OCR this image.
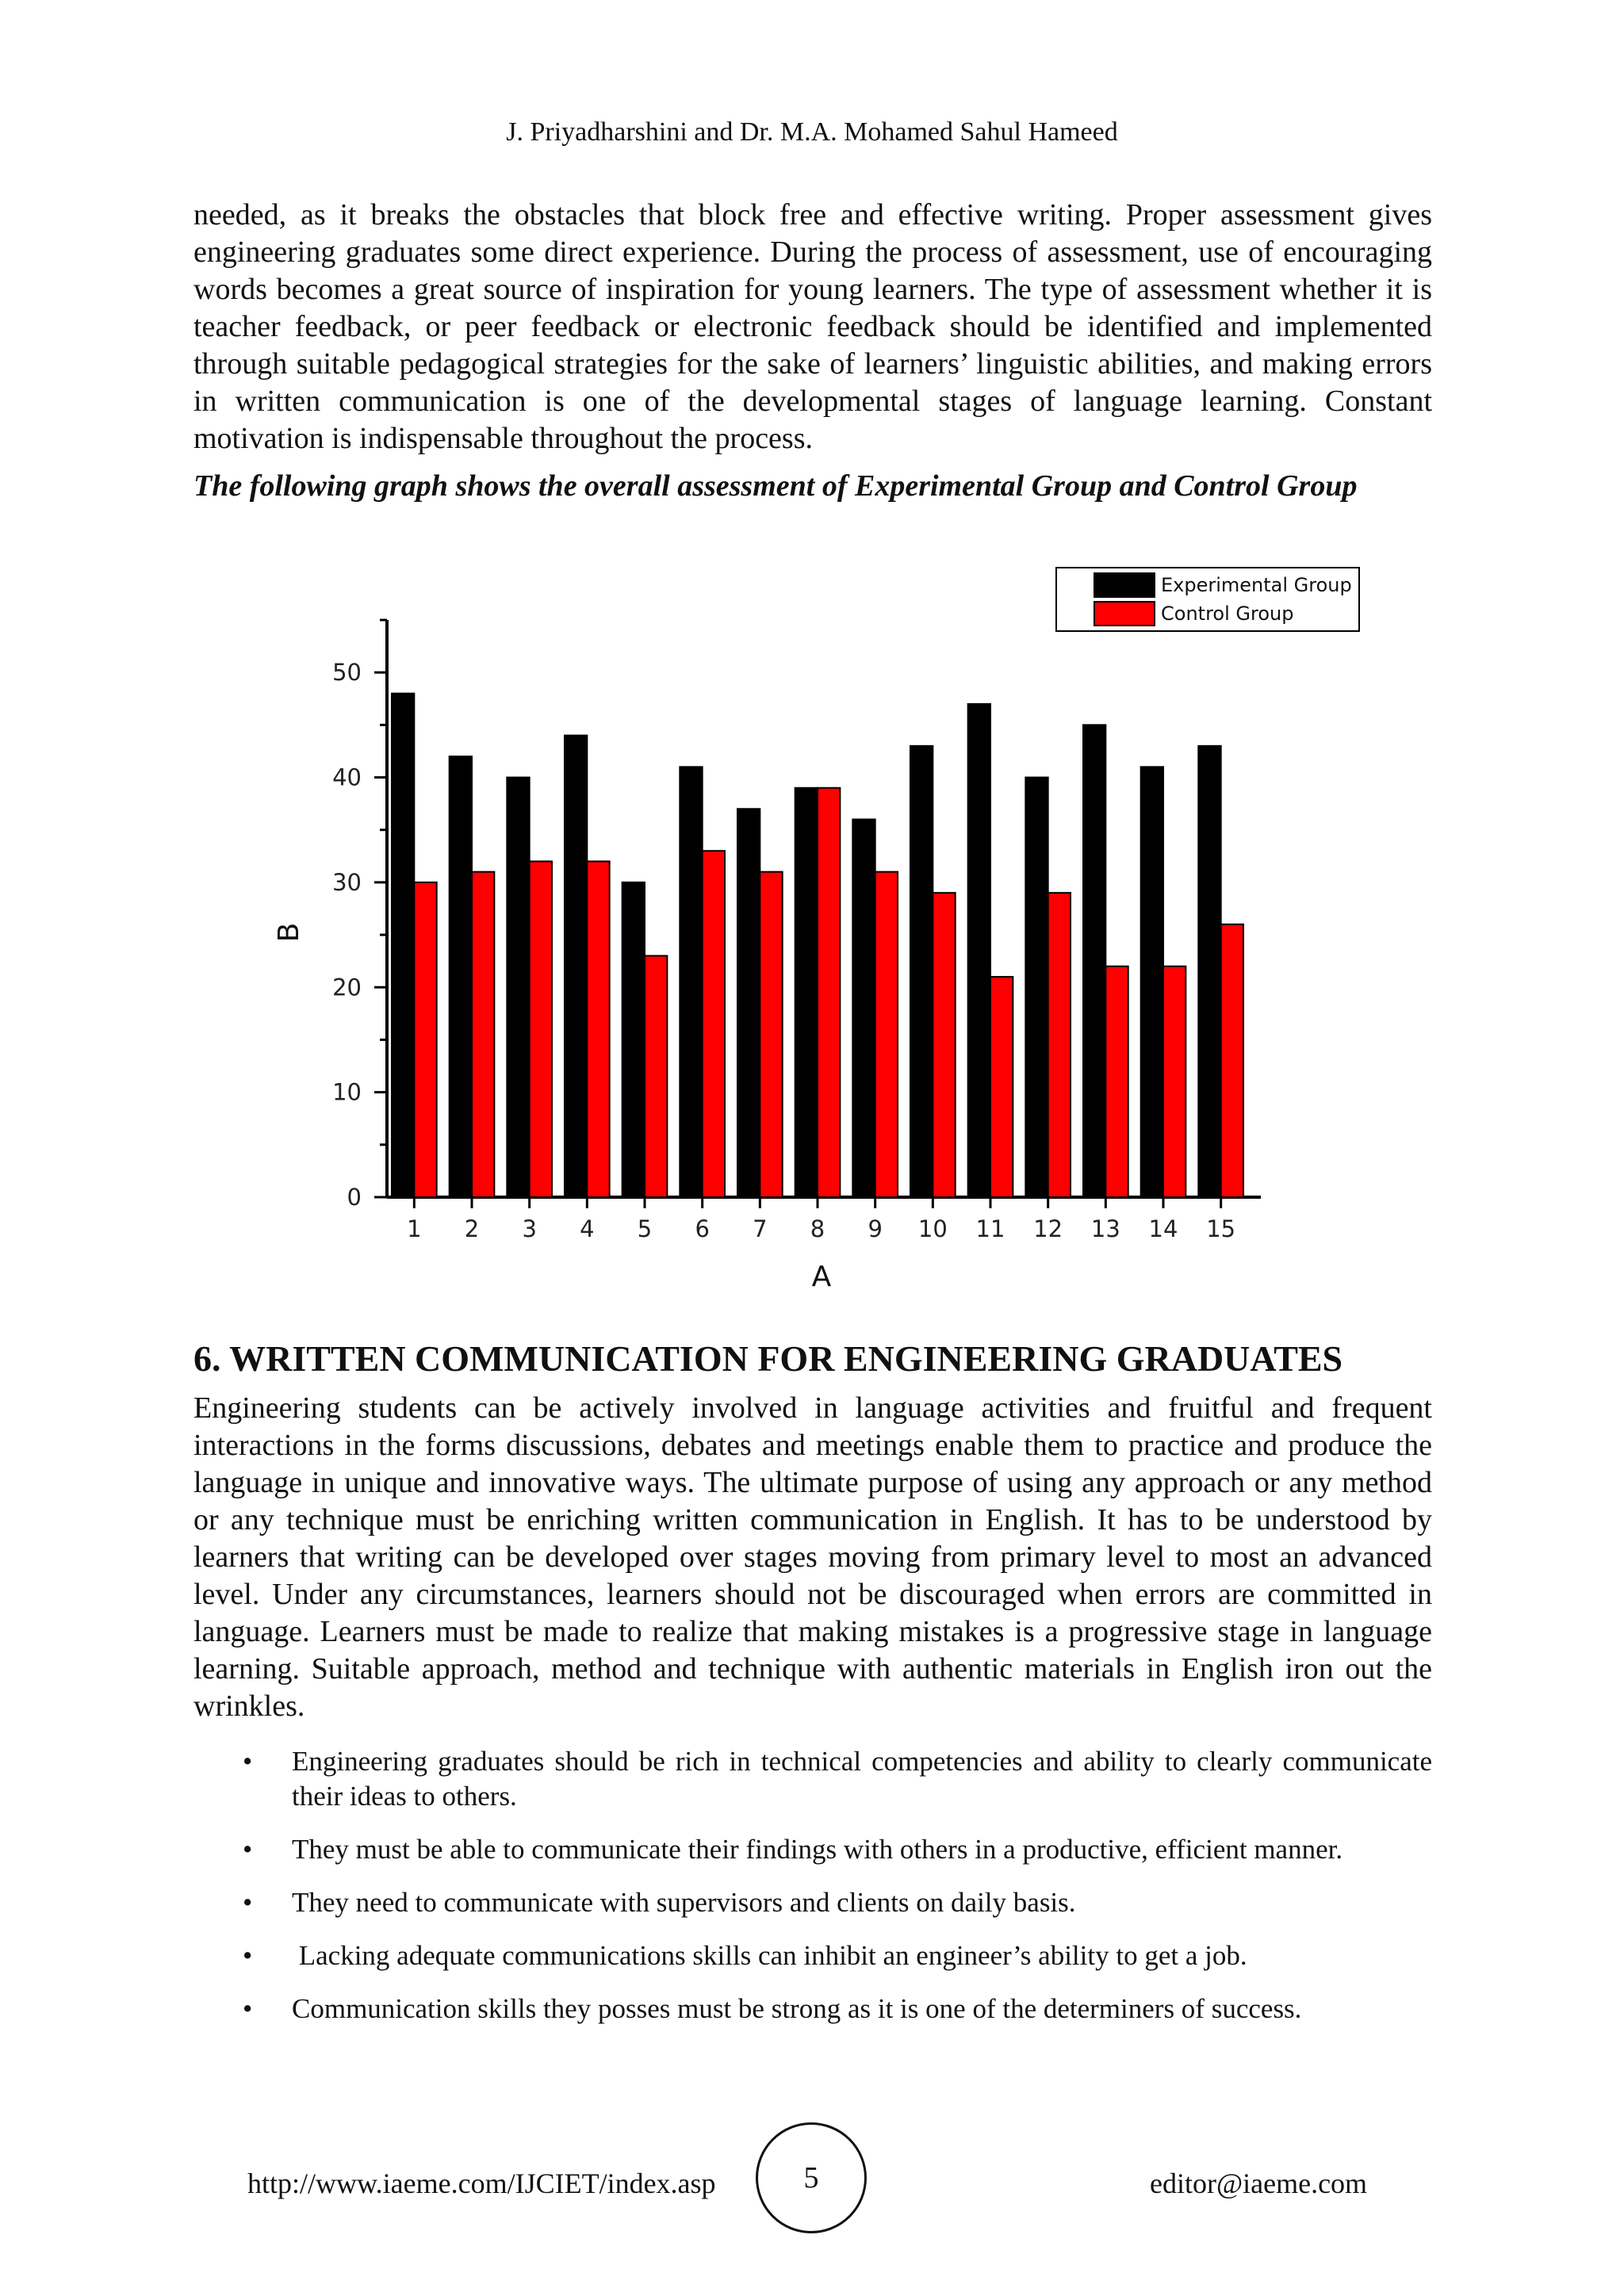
J. Priyadharshini and Dr. M.A. Mohamed Sahul Hameed

needed, as it breaks the obstacles that block free and effective writing. Proper assessment gives engineering graduates some direct experience. During the process of assessment, use of encouraging words becomes a great source of inspiration for young learners. The type of assessment whether it is teacher feedback, or peer feedback or electronic feedback should be identified and implemented through suitable pedagogical strategies for the sake of learners’ linguistic abilities, and making errors in written communication is one of the developmental stages of language learning. Constant motivation is indispensable throughout the process.

The following graph shows the overall assessment of Experimental Group and Control Group

0
10
20
30
40
50
1 2 3 4 5 6 7 8 9 10 11 12 13 14 15
A
B
Experimental Group
Control Group
6. WRITTEN COMMUNICATION FOR ENGINEERING GRADUATES

Engineering students can be actively involved in language activities and fruitful and frequent interactions in the forms discussions, debates and meetings enable them to practice and produce the language in unique and innovative ways. The ultimate purpose of using any approach or any method or any technique must be enriching written communication in English. It has to be understood by learners that writing can be developed over stages moving from primary level to most an advanced level. Under any circumstances, learners should not be discouraged when errors are committed in language. Learners must be made to realize that making mistakes is a progressive stage in language learning. Suitable approach, method and technique with authentic materials in English iron out the wrinkles.

• Engineering graduates should be rich in technical competencies and ability to clearly communicate their ideas to others.
• They must be able to communicate their findings with others in a productive, efficient manner.
• They need to communicate with supervisors and clients on daily basis.
• Lacking adequate communications skills can inhibit an engineer’s ability to get a job.
• Communication skills they posses must be strong as it is one of the determiners of success.
http://www.iaeme.com/IJCIET/index.asp	5	editor@iaeme.com
